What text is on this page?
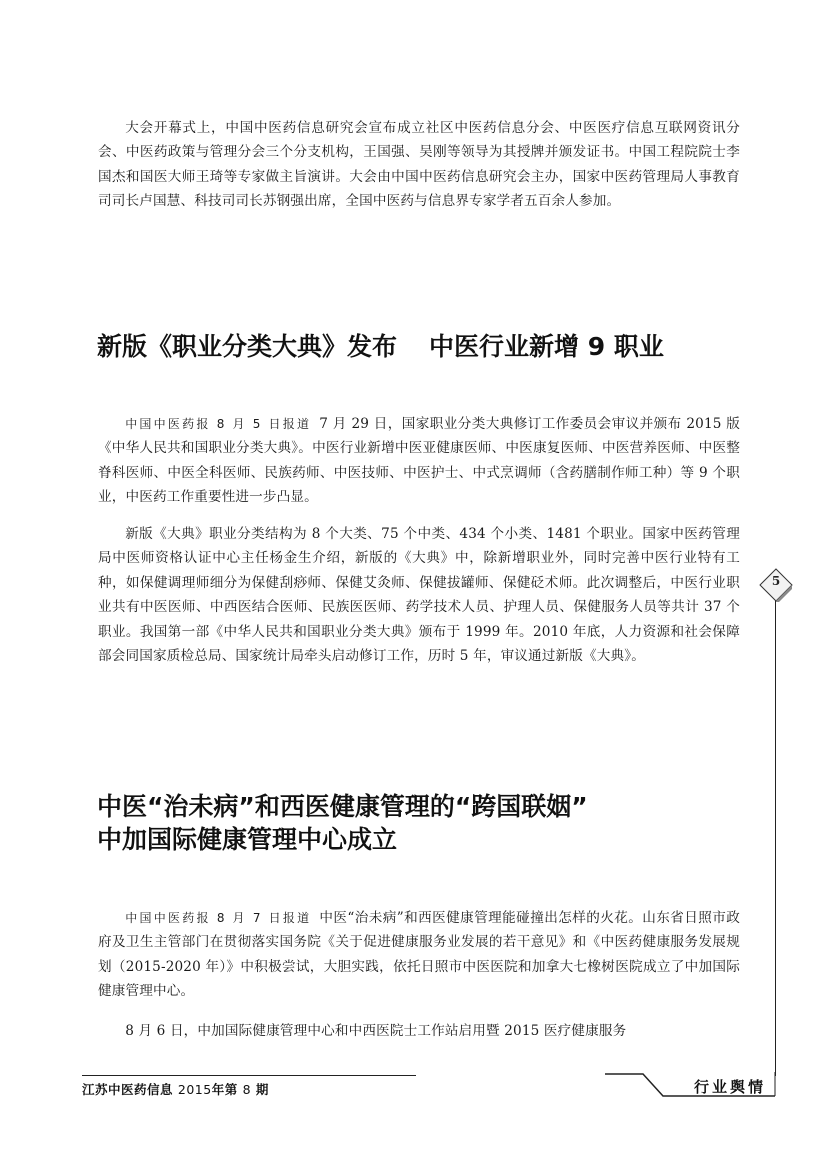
大会开幕式上，中国中医药信息研究会宣布成立社区中医药信息分会、中医医疗信息互联网资讯分会、中医药政策与管理分会三个分支机构，王国强、吴刚等领导为其授牌并颁发证书。中国工程院院士李国杰和国医大师王琦等专家做主旨演讲。大会由中国中医药信息研究会主办，国家中医药管理局人事教育司司长卢国慧、科技司司长苏钢强出席，全国中医药与信息界专家学者五百余人参加。

新版《职业分类大典》发布 中医行业新增 9 职业

中国中医药报 8 月 5 日报道 7 月 29 日，国家职业分类大典修订工作委员会审议并颁布 2015 版《中华人民共和国职业分类大典》。中医行业新增中医亚健康医师、中医康复医师、中医营养医师、中医整脊科医师、中医全科医师、民族药师、中医技师、中医护士、中式烹调师（含药膳制作师工种）等 9 个职业，中医药工作重要性进一步凸显。

新版《大典》职业分类结构为 8 个大类、75 个中类、434 个小类、1481 个职业。国家中医药管理局中医师资格认证中心主任杨金生介绍，新版的《大典》中，除新增职业外，同时完善中医行业特有工种，如保健调理师细分为保健刮痧师、保健艾灸师、保健拔罐师、保健砭术师。此次调整后，中医行业职业共有中医医师、中西医结合医师、民族医医师、药学技术人员、护理人员、保健服务人员等共计 37 个职业。我国第一部《中华人民共和国职业分类大典》颁布于 1999 年。2010 年底，人力资源和社会保障部会同国家质检总局、国家统计局牵头启动修订工作，历时 5 年，审议通过新版《大典》。

中医“治未病”和西医健康管理的“跨国联姻”
中加国际健康管理中心成立

中国中医药报 8 月 7 日报道 中医“治未病”和西医健康管理能碰撞出怎样的火花。山东省日照市政府及卫生主管部门在贯彻落实国务院《关于促进健康服务业发展的若干意见》和《中医药健康服务发展规划（2015-2020 年）》中积极尝试，大胆实践，依托日照市中医医院和加拿大七橡树医院成立了中加国际健康管理中心。

8 月 6 日，中加国际健康管理中心和中西医院士工作站启用暨 2015 医疗健康服务

5
江苏中医药信息 2015年第 8 期	行业舆情
